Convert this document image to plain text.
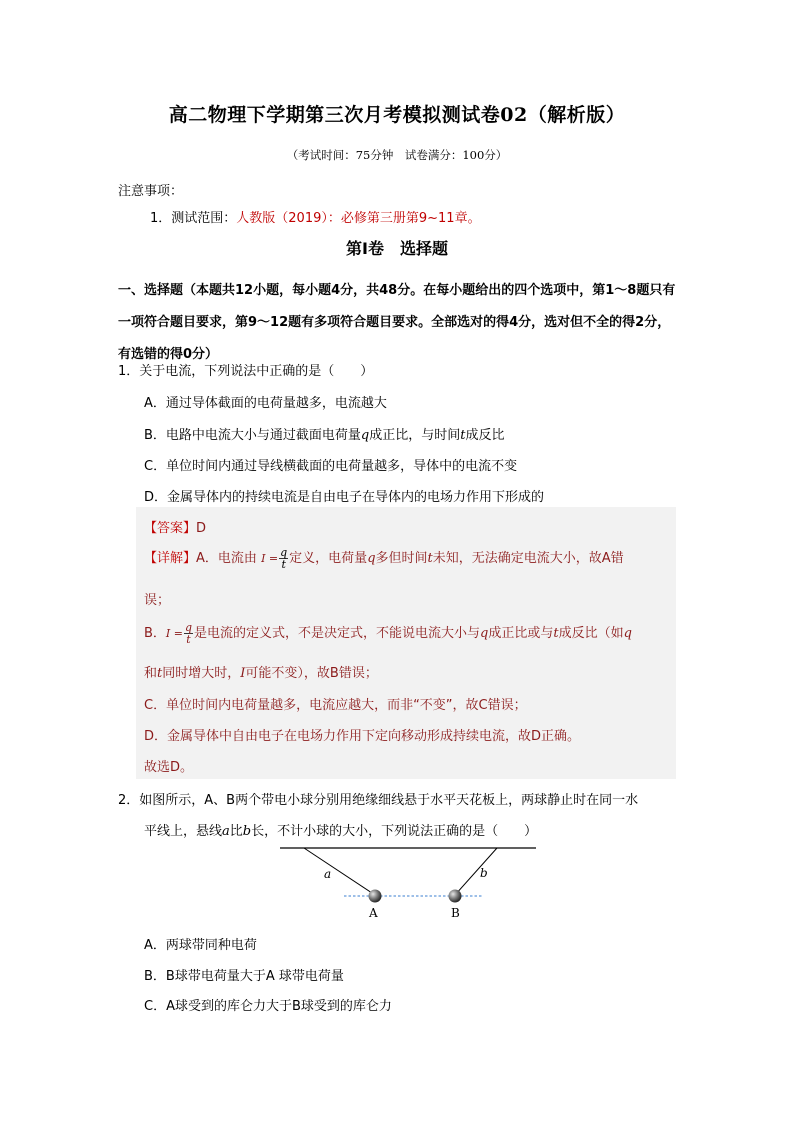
高二物理下学期第三次月考模拟测试卷02（解析版）
（考试时间：75分钟　试卷满分：100分）
注意事项：
1．测试范围：人教版（2019）：必修第三册第9~11章。
第Ⅰ卷　选择题
一、选择题（本题共12小题，每小题4分，共48分。在每小题给出的四个选项中，第1～8题只有一项符合题目要求，第9～12题有多项符合题目要求。全部选对的得4分，选对但不全的得2分，有选错的得0分）
1．关于电流，下列说法中正确的是（　　）
A．通过导体截面的电荷量越多，电流越大
B．电路中电流大小与通过截面电荷量q成正比，与时间t成反比
C．单位时间内通过导线横截面的电荷量越多，导体中的电流不变
D．金属导体内的持续电流是自由电子在导体内的电场力作用下形成的
【答案】D
【详解】A．电流由 $I = \frac{q}{t}$ 定义，电荷量q多但时间t未知，无法确定电流大小，故A错
误；
B．$I = \frac{q}{t}$ 是电流的定义式，不是决定式，不能说电流大小与q成正比或与t成反比（如q
和t同时增大时，I可能不变），故B错误；
C．单位时间内电荷量越多，电流应越大，而非“不变”，故C错误；
D．金属导体中自由电子在电场力作用下定向移动形成持续电流，故D正确。
故选D。
2．如图所示，A、B两个带电小球分别用绝缘细线悬于水平天花板上，两球静止时在同一水
平线上，悬线a比b长，不计小球的大小，下列说法正确的是（　　）
a	b
A	B
A．两球带同种电荷
B．B球带电荷量大于A 球带电荷量
C．A球受到的库仑力大于B球受到的库仑力
